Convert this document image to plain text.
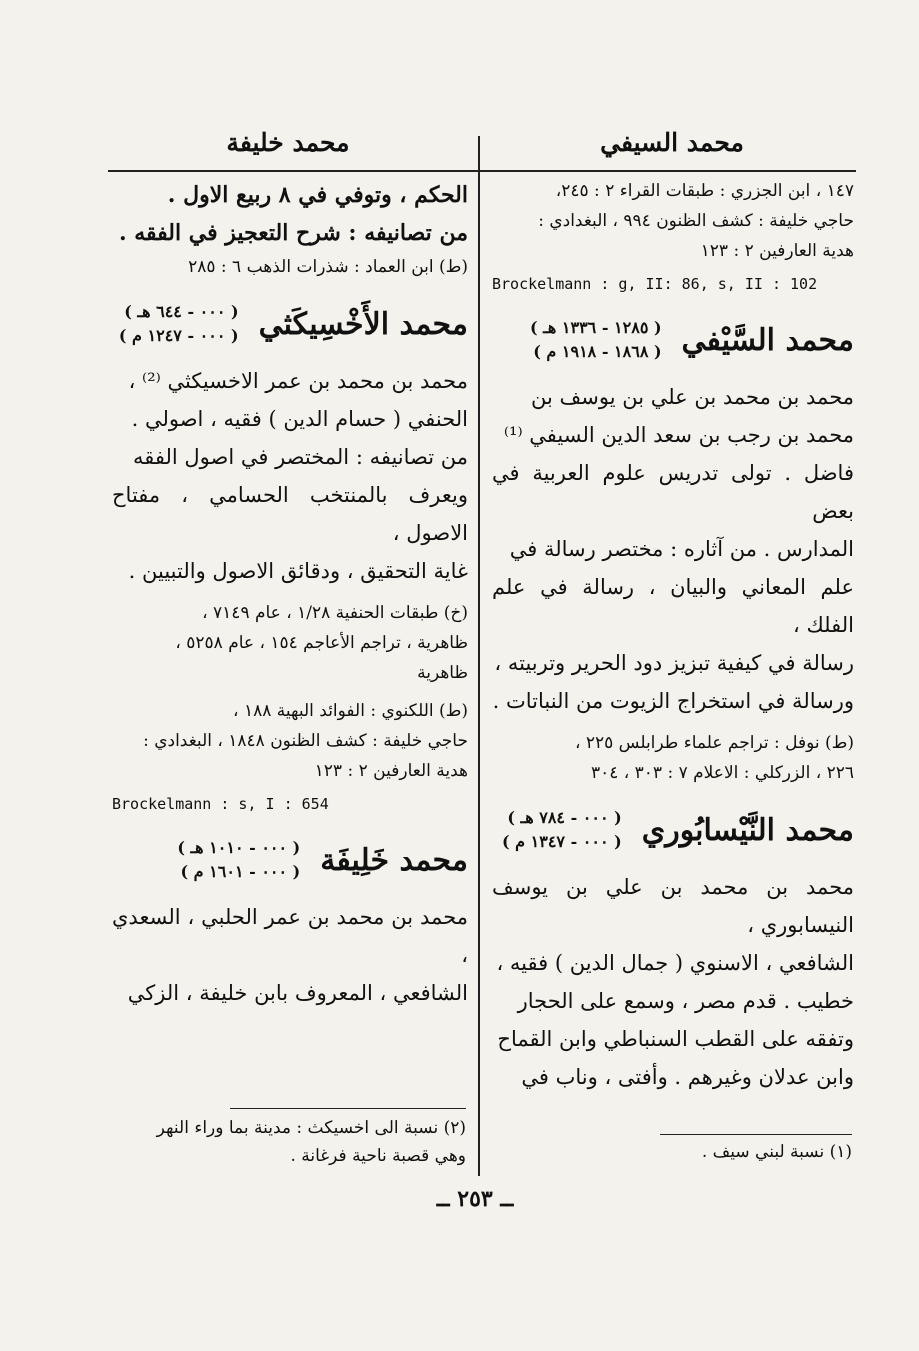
محمد السيفي
محمد خليفة

١٤٧ ، ابن الجزري : طبقات القراء ٢ : ٢٤٥،

حاجي خليفة : كشف الظنون ٩٩٤ ، البغدادي :

هدية العارفين ٢ : ١٢٣

Brockelmann : g, II: 86, s, II : 102

محمد السَّيْفي
( ١٢٨٥ - ١٣٣٦ هـ )
( ١٨٦٨ - ١٩١٨ م )

محمد بن محمد بن علي بن يوسف بن

محمد بن رجب بن سعد الدين السيفي ⁽¹⁾

فاضل . تولى تدريس علوم العربية في بعض

المدارس . من آثاره : مختصر رسالة في

علم المعاني والبيان ، رسالة في علم الفلك ،

رسالة في كيفية تبزيز دود الحرير وتربيته ،

ورسالة في استخراج الزيوت من النباتات .

(ط) نوفل : تراجم علماء طرابلس ٢٢٥ ،

٢٢٦ ، الزركلي : الاعلام ٧ : ٣٠٣ ، ٣٠٤

محمد النَّيْسابُوري
( ٠٠٠ - ٧٨٤ هـ )
( ٠٠٠ - ١٣٤٧ م )

محمد بن محمد بن علي بن يوسف النيسابوري ،

الشافعي ، الاسنوي ( جمال الدين ) فقيه ،

خطيب . قدم مصر ، وسمع على الحجار

وتفقه على القطب السنباطي وابن القماح

وابن عدلان وغيرهم . وأفتى ، وناب في

(١) نسبة لبني سيف .

الحكم ، وتوفي في ٨ ربيع الاول .

من تصانيفه : شرح التعجيز في الفقه .

(ط) ابن العماد : شذرات الذهب ٦ : ٢٨٥

محمد الأَخْسِيكَثي
( ٠٠٠ - ٦٤٤ هـ )
( ٠٠٠ - ١٢٤٧ م )

محمد بن محمد بن عمر الاخسيكثي ⁽²⁾ ،

الحنفي ( حسام الدين ) فقيه ، اصولي .

من تصانيفه : المختصر في اصول الفقه

ويعرف بالمنتخب الحسامي ، مفتاح الاصول ،

غاية التحقيق ، ودقائق الاصول والتبيين .

(خ) طبقات الحنفية ١/٢٨ ، عام ٧١٤٩ ،

ظاهرية ، تراجم الأعاجم ١٥٤ ، عام ٥٢٥٨ ،

ظاهرية

(ط) اللكنوي : الفوائد البهية ١٨٨ ،

حاجي خليفة : كشف الظنون ١٨٤٨ ، البغدادي :

هدية العارفين ٢ : ١٢٣

Brockelmann : s, I : 654

محمد خَلِيفَة
( ٠٠٠ - ١٠١٠ هـ )
( ٠٠٠ - ١٦٠١ م )

محمد بن محمد بن عمر الحلبي ، السعدي ،

الشافعي ، المعروف بابن خليفة ، الزكي

(٢) نسبة الى اخسيكث : مدينة بما وراء النهر
وهي قصبة ناحية فرغانة .
ــ ٢٥٣ ــ
